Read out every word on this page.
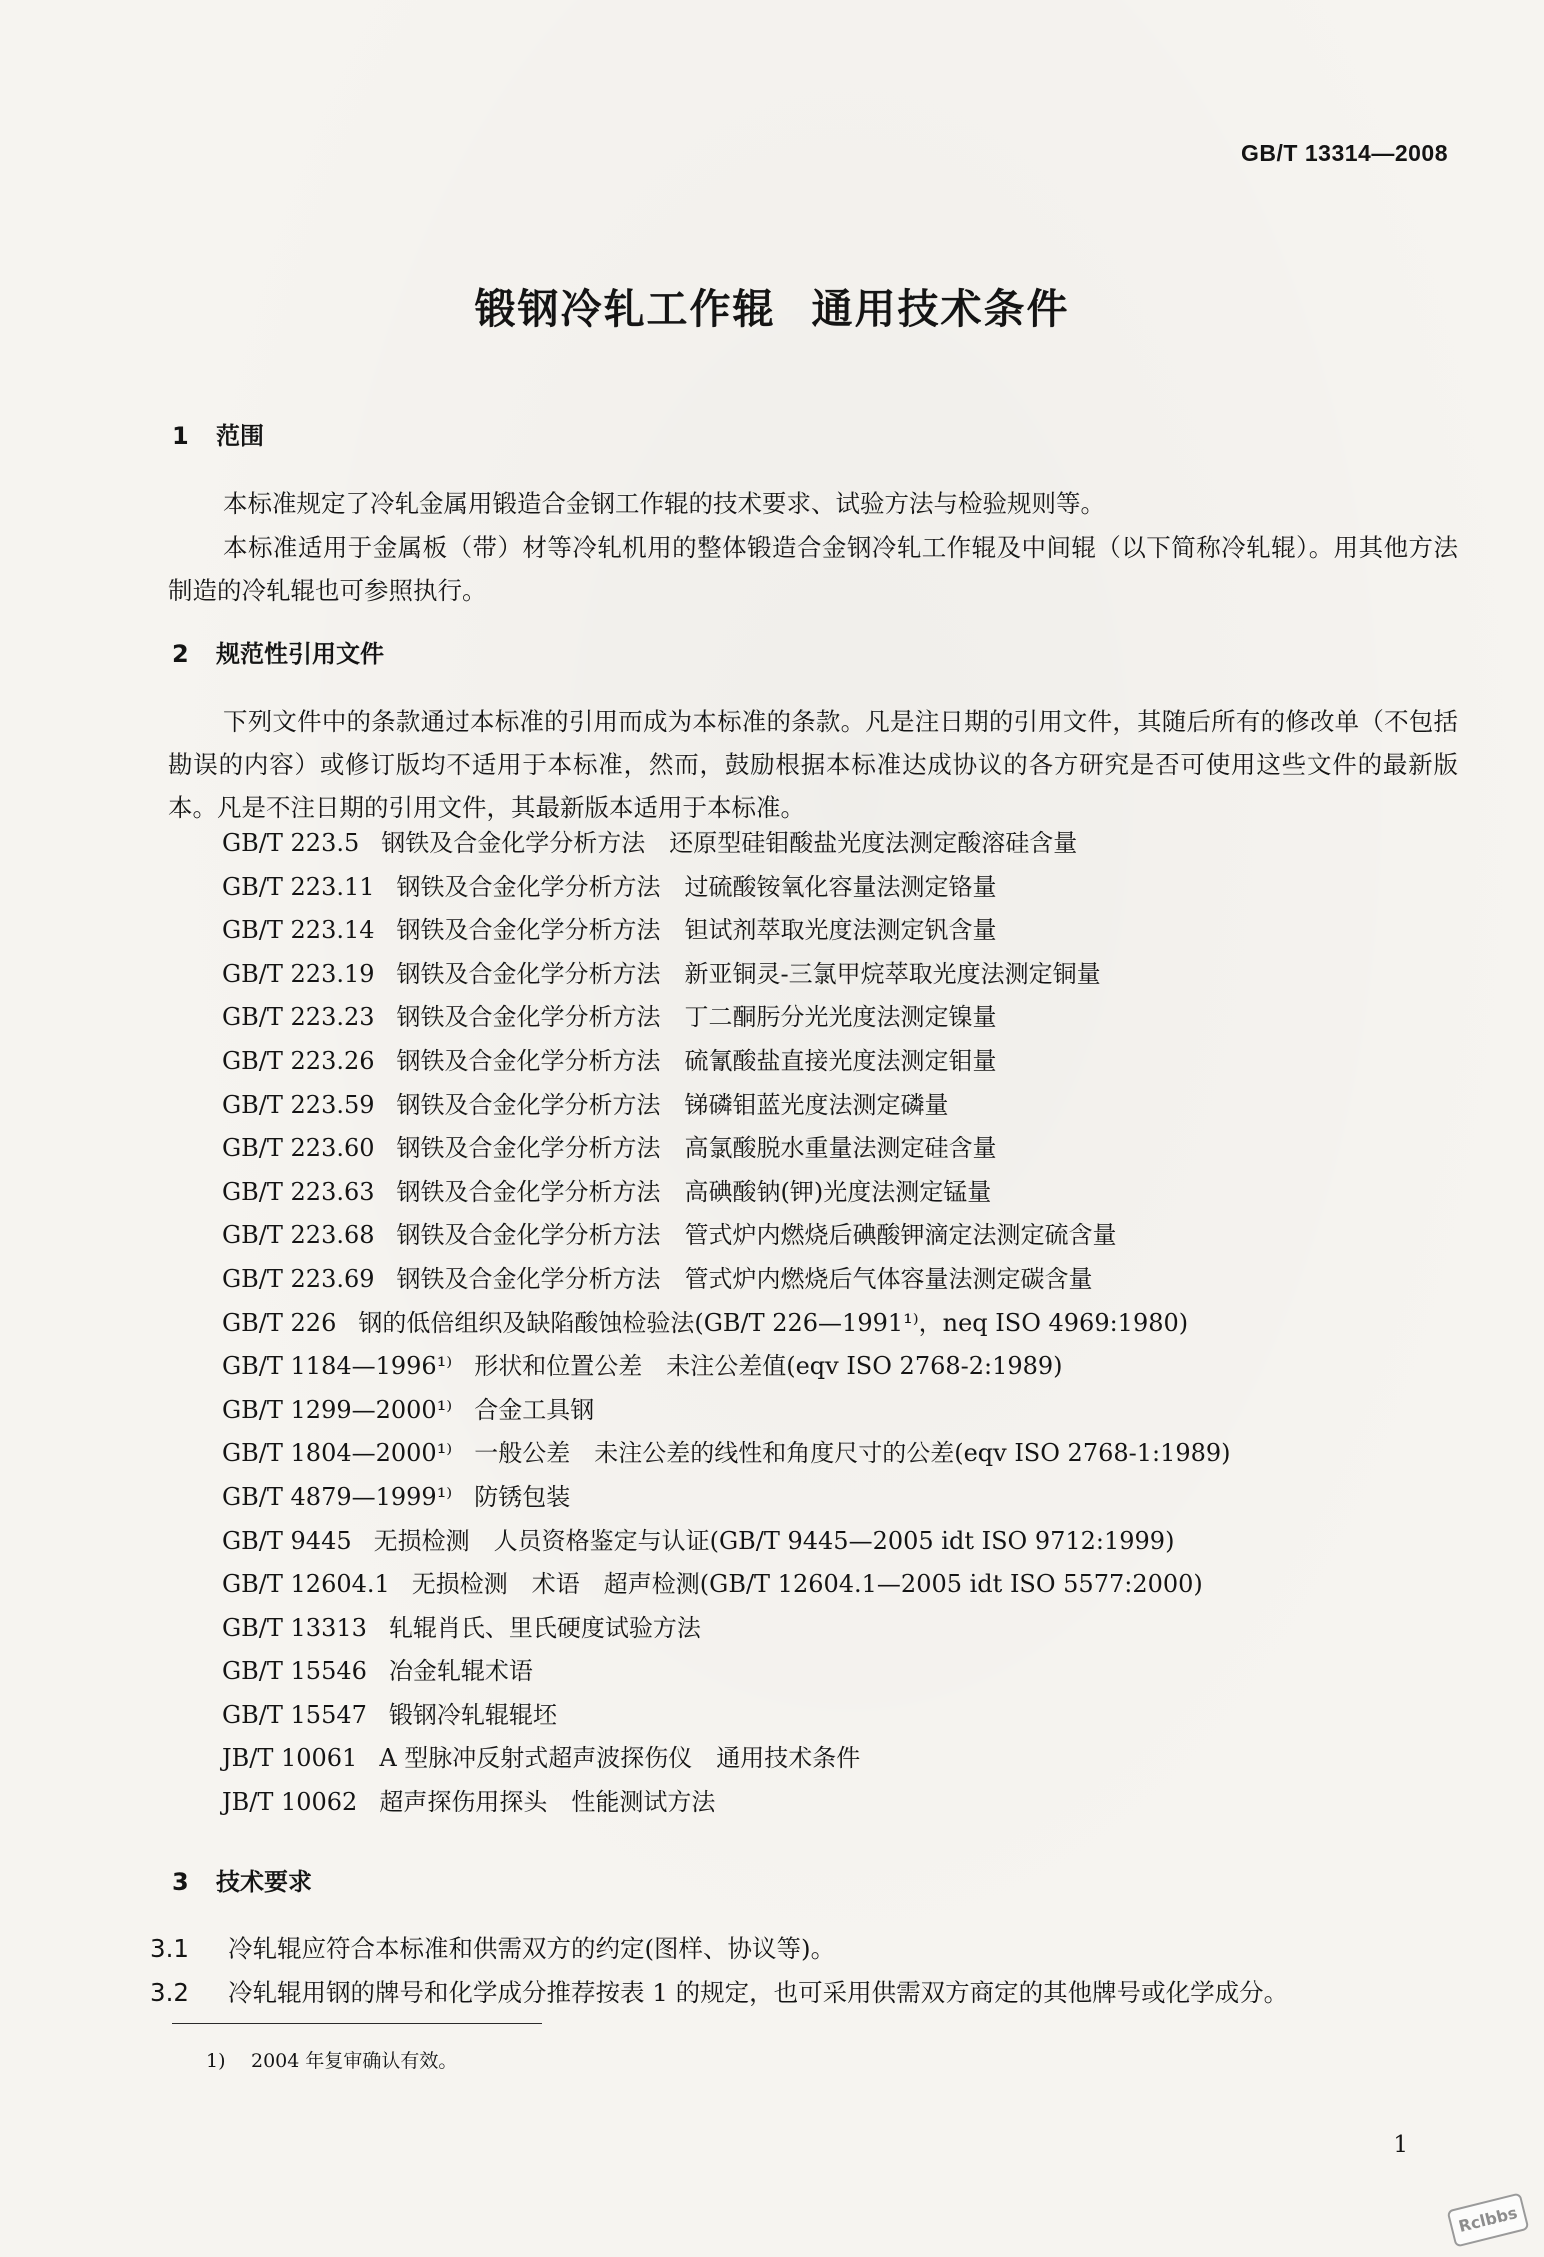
GB/T 13314—2008
锻钢冷轧工作辊 通用技术条件
1 范围

本标准规定了冷轧金属用锻造合金钢工作辊的技术要求、试验方法与检验规则等。

本标准适用于金属板（带）材等冷轧机用的整体锻造合金钢冷轧工作辊及中间辊（以下简称冷轧辊）。用其他方法制造的冷轧辊也可参照执行。

2 规范性引用文件

下列文件中的条款通过本标准的引用而成为本标准的条款。凡是注日期的引用文件，其随后所有的修改单（不包括勘误的内容）或修订版均不适用于本标准，然而，鼓励根据本标准达成协议的各方研究是否可使用这些文件的最新版本。凡是不注日期的引用文件，其最新版本适用于本标准。

GB/T 223.5 钢铁及合金化学分析方法　还原型硅钼酸盐光度法测定酸溶硅含量
GB/T 223.11 钢铁及合金化学分析方法　过硫酸铵氧化容量法测定铬量
GB/T 223.14 钢铁及合金化学分析方法　钽试剂萃取光度法测定钒含量
GB/T 223.19 钢铁及合金化学分析方法　新亚铜灵-三氯甲烷萃取光度法测定铜量
GB/T 223.23 钢铁及合金化学分析方法　丁二酮肟分光光度法测定镍量
GB/T 223.26 钢铁及合金化学分析方法　硫氰酸盐直接光度法测定钼量
GB/T 223.59 钢铁及合金化学分析方法　锑磷钼蓝光度法测定磷量
GB/T 223.60 钢铁及合金化学分析方法　高氯酸脱水重量法测定硅含量
GB/T 223.63 钢铁及合金化学分析方法　高碘酸钠(钾)光度法测定锰量
GB/T 223.68 钢铁及合金化学分析方法　管式炉内燃烧后碘酸钾滴定法测定硫含量
GB/T 223.69 钢铁及合金化学分析方法　管式炉内燃烧后气体容量法测定碳含量
GB/T 226 钢的低倍组织及缺陷酸蚀检验法(GB/T 226—1991¹⁾，neq ISO 4969:1980)
GB/T 1184—1996¹⁾ 形状和位置公差　未注公差值(eqv ISO 2768-2:1989)
GB/T 1299—2000¹⁾ 合金工具钢
GB/T 1804—2000¹⁾ 一般公差　未注公差的线性和角度尺寸的公差(eqv ISO 2768-1:1989)
GB/T 4879—1999¹⁾ 防锈包装
GB/T 9445 无损检测　人员资格鉴定与认证(GB/T 9445—2005 idt ISO 9712:1999)
GB/T 12604.1 无损检测　术语　超声检测(GB/T 12604.1—2005 idt ISO 5577:2000)
GB/T 13313 轧辊肖氏、里氏硬度试验方法
GB/T 15546 冶金轧辊术语
GB/T 15547 锻钢冷轧辊辊坯
JB/T 10061 A 型脉冲反射式超声波探伤仪　通用技术条件
JB/T 10062 超声探伤用探头　性能测试方法
3 技术要求
3.1 冷轧辊应符合本标准和供需双方的约定(图样、协议等)。
3.2 冷轧辊用钢的牌号和化学成分推荐按表 1 的规定，也可采用供需双方商定的其他牌号或化学成分。
1) 2004 年复审确认有效。
1
Rclbbs
